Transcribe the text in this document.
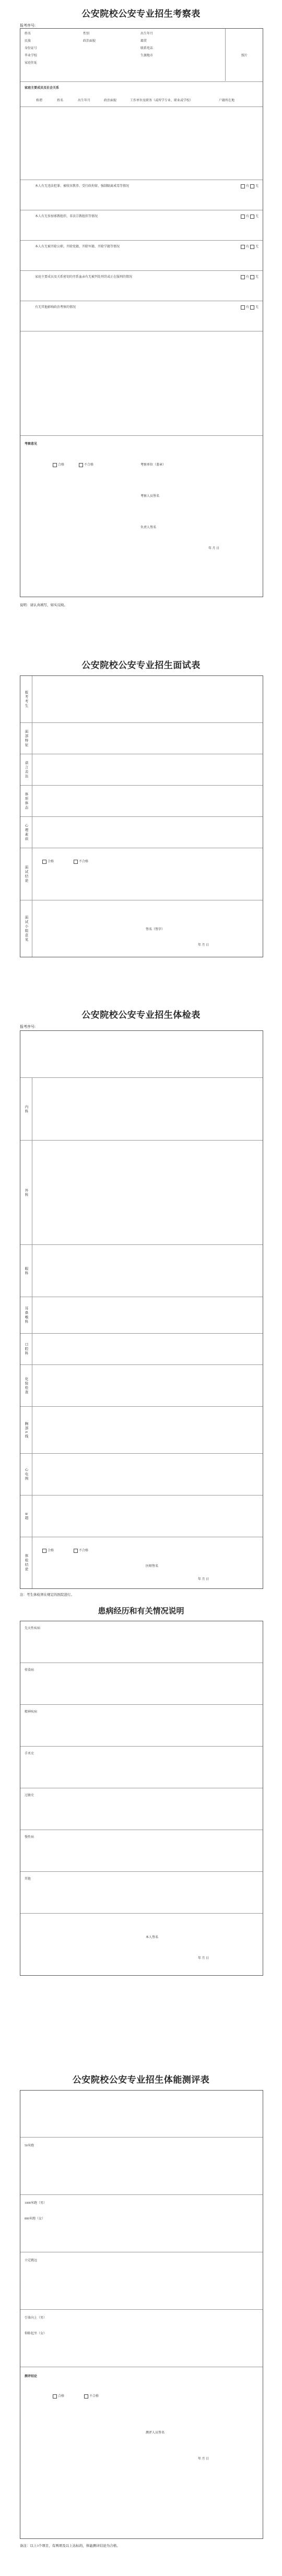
公安院校公安专业招生考察表
报考序号:
姓名	性别	出生年月
民族	政治面貌	籍贯
身份证号	联系电话
毕业学校	生源地市
家庭住址
照片
家庭主要成员及社会关系
称谓	姓名	出生年月	政治面貌	工作单位及职务（或所学专业、职业或学校）	户籍所在地
本人有无违法犯罪、被收容教养、受行政拘留、强制隔离戒毒等情况	有 无
本人有无参加邪教组织、非法宗教组织等情况	有 无
本人有无被开除公职、开除党籍、开除军籍、开除学籍等情况	有 无
家庭主要成员及关系密切的旁系血亲有无被判处刑罚或正在服刑的情况	有 无
有无其他影响政治考察的情况	有 无
考察意见
合格	不合格	考察单位（盖章）
考察人员签名
负责人签名
年 月 日
说明：请认真填写，如实反映。
公安院校公安专业招生面试表
报考考生
面部特征
语言表达
体形体态
心理素质
面试结论
合格	不合格
面试小组意见	签名（签字）
年 月 日
公安院校公安专业招生体检表
报考序号:
内科
外科
眼科
耳鼻喉科
口腔科
化验检查
胸部X线
心电图
B超
体检结论
合格	不合格
医师签名
年 月 日
注：考生体检须在规定的医院进行。
患病经历和有关情况说明
先天性疾病
传染病
精神疾病
手术史
过敏史
慢性病
其他
本人签名
年 月 日
公安院校公安专业招生体能测评表
50米跑
1000米跑（男）
800米跑（女）
立定跳远
引体向上（男）
仰卧起坐（女）
测评结论
合格	不合格
测评人员签名
年 月 日
备注：以上3个项目，有两项及以上达标的，体能测评结论为合格。
